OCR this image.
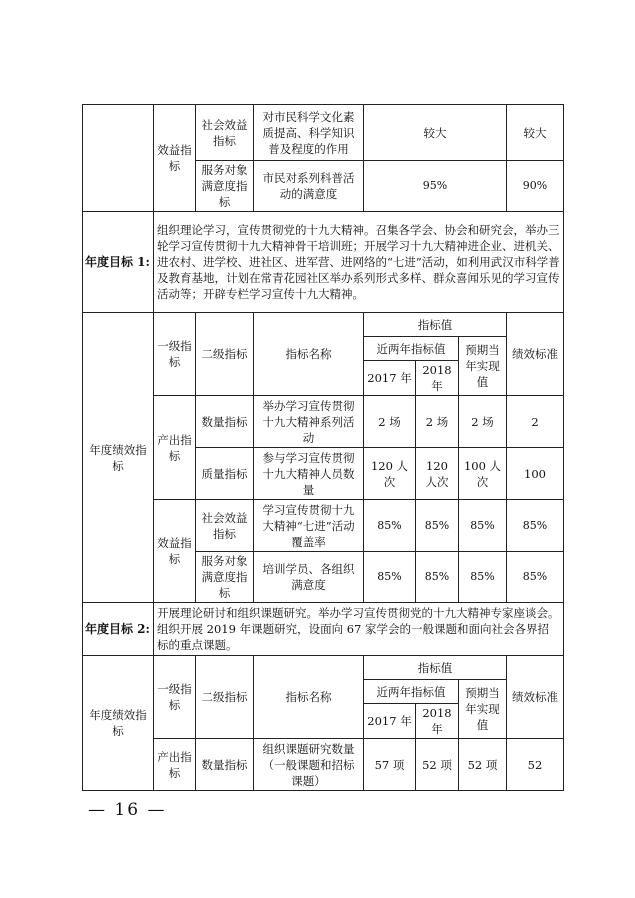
	效益指标	社会效益指标	对市民科学文化素质提高、科学知识普及程度的作用	较大			较大
		服务对象满意度指标	市民对系列科普活动的满意度	95%			90%
年度目标 1:	组织理论学习，宣传贯彻党的十九大精神。召集各学会、协会和研究会，举办三轮学习宣传贯彻十九大精神骨干培训班；开展学习十九大精神进企业、进机关、进农村、进学校、进社区、进军营、进网络的“七进”活动，如利用武汉市科学普及教育基地，计划在常青花园社区举办系列形式多样、群众喜闻乐见的学习宣传活动等；开辟专栏学习宣传十九大精神。						
年度绩效指标	一级指标	二级指标	指标名称	指标值			绩效标准
				近两年指标值		预期当年实现值	
				2017 年	2018 年		
	产出指标	数量指标	举办学习宣传贯彻十九大精神系列活动	2 场	2 场	2 场	2
		质量指标	参与学习宣传贯彻十九大精神人员数量	120 人次	120 人次	100 人次	100
	效益指标	社会效益指标	学习宣传贯彻十九大精神“七进”活动覆盖率	85%	85%	85%	85%
		服务对象满意度指标	培训学员、各组织满意度	85%	85%	85%	85%
年度目标 2:	开展理论研讨和组织课题研究。举办学习宣传贯彻党的十九大精神专家座谈会。组织开展 2019 年课题研究，设面向 67 家学会的一般课题和面向社会各界招标的重点课题。						
年度绩效指标	一级指标	二级指标	指标名称	指标值			绩效标准
				近两年指标值		预期当年实现值	
				2017 年	2018 年		
	产出指标	数量指标	组织课题研究数量（一般课题和招标课题）	57 项	52 项	52 项	52
— 16 —
